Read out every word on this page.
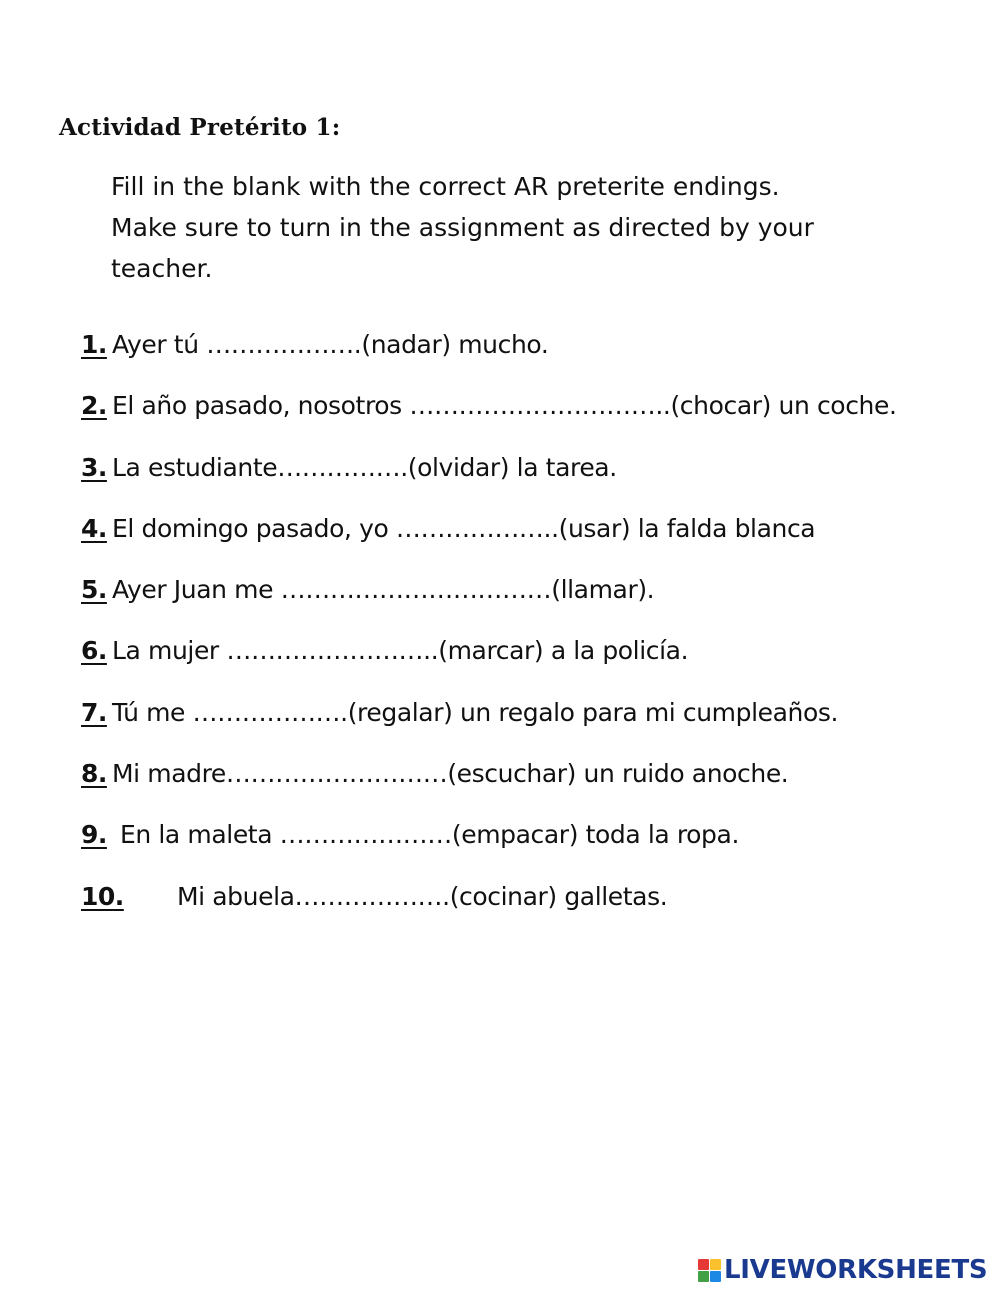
Actividad Pretérito 1:
Fill in the blank with the correct AR preterite endings.
Make sure to turn in the assignment as directed by your
teacher.
1. Ayer tú ……………….(nadar) mucho.
2. El año pasado, nosotros …………………………..(chocar) un coche.
3. La estudiante…………….(olvidar) la tarea.
4. El domingo pasado, yo ………………..(usar) la falda blanca
5. Ayer Juan me ……………………………(llamar).
6. La mujer ……………………..(marcar) a la policía.
7. Tú me ……………….(regalar) un regalo para mi cumpleaños.
8. Mi madre………………………(escuchar) un ruido anoche.
9. En la maleta …………………(empacar) toda la ropa.
10.	Mi abuela……………….(cocinar) galletas.
LIVEWORKSHEETS
